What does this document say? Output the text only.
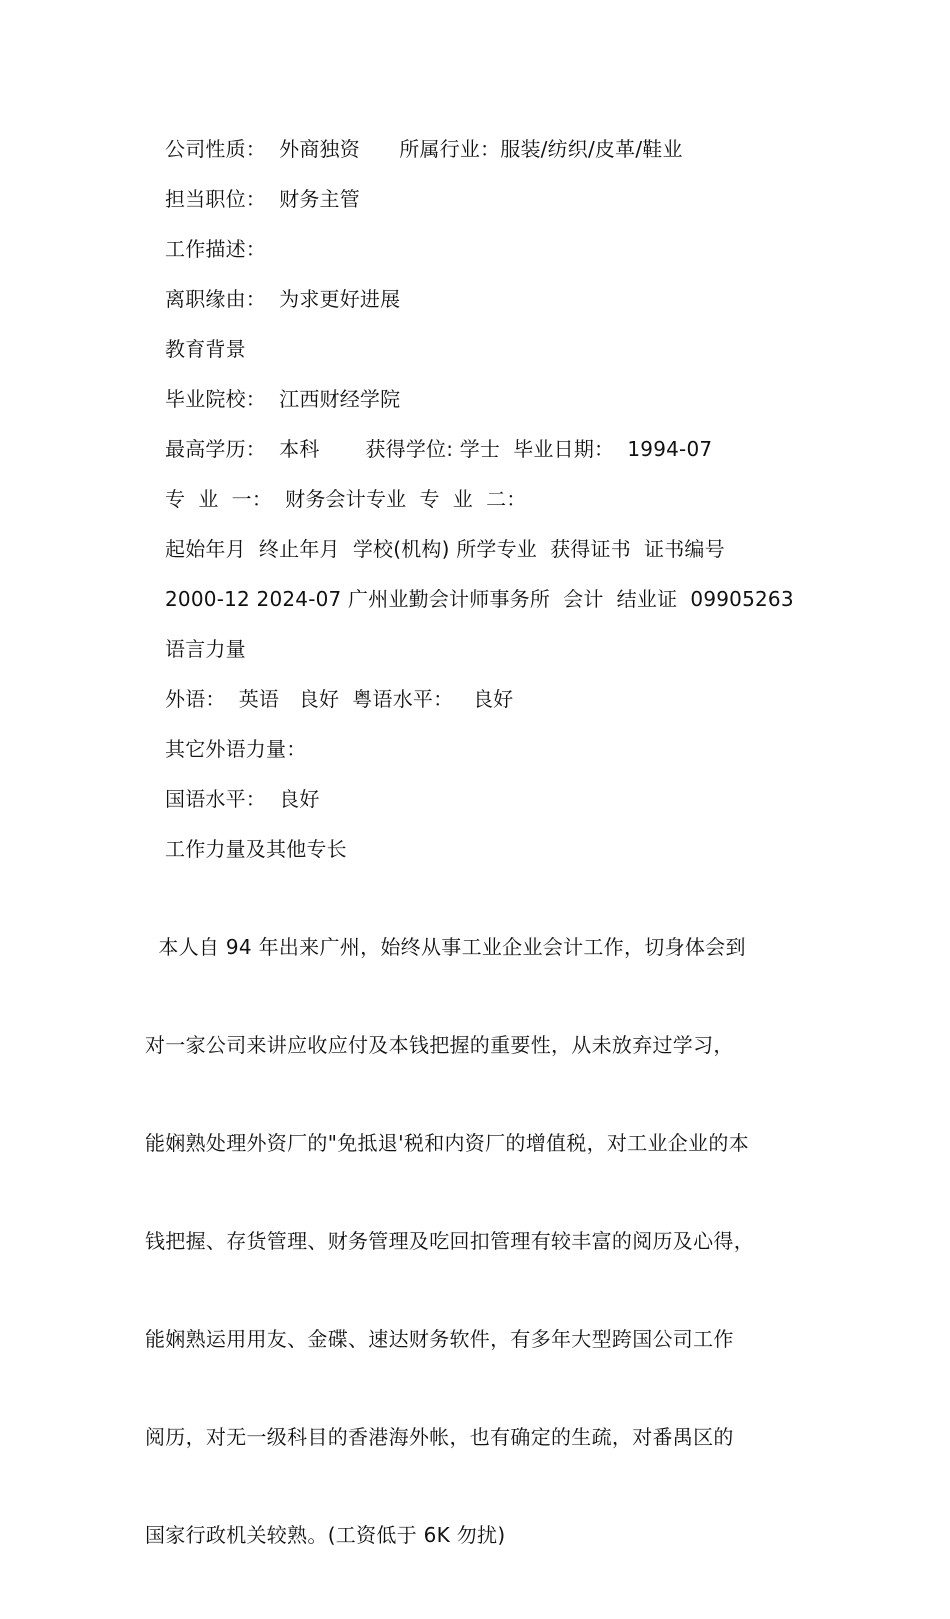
公司性质：  外商独资      所属行业：服装/纺织/皮革/鞋业
担当职位：  财务主管
工作描述：
离职缘由：  为求更好进展
教育背景
毕业院校：  江西财经学院
最高学历：  本科       获得学位: 学士  毕业日期：  1994-07
专  业  一：  财务会计专业  专  业  二：
起始年月  终止年月  学校(机构) 所学专业  获得证书  证书编号
2000-12 2024-07 广州业勤会计师事务所  会计  结业证  09905263
语言力量
外语：  英语   良好  粤语水平：   良好
其它外语力量：
国语水平：  良好
工作力量及其他专长

本人自 94 年出来广州，始终从事工业企业会计工作，切身体会到

对一家公司来讲应收应付及本钱把握的重要性，从未放弃过学习，

能娴熟处理外资厂的"免抵退'税和内资厂的增值税，对工业企业的本

钱把握、存货管理、财务管理及吃回扣管理有较丰富的阅历及心得，

能娴熟运用用友、金碟、速达财务软件，有多年大型跨国公司工作

阅历，对无一级科目的香港海外帐，也有确定的生疏，对番禺区的

国家行政机关较熟。(工资低于 6K 勿扰)
